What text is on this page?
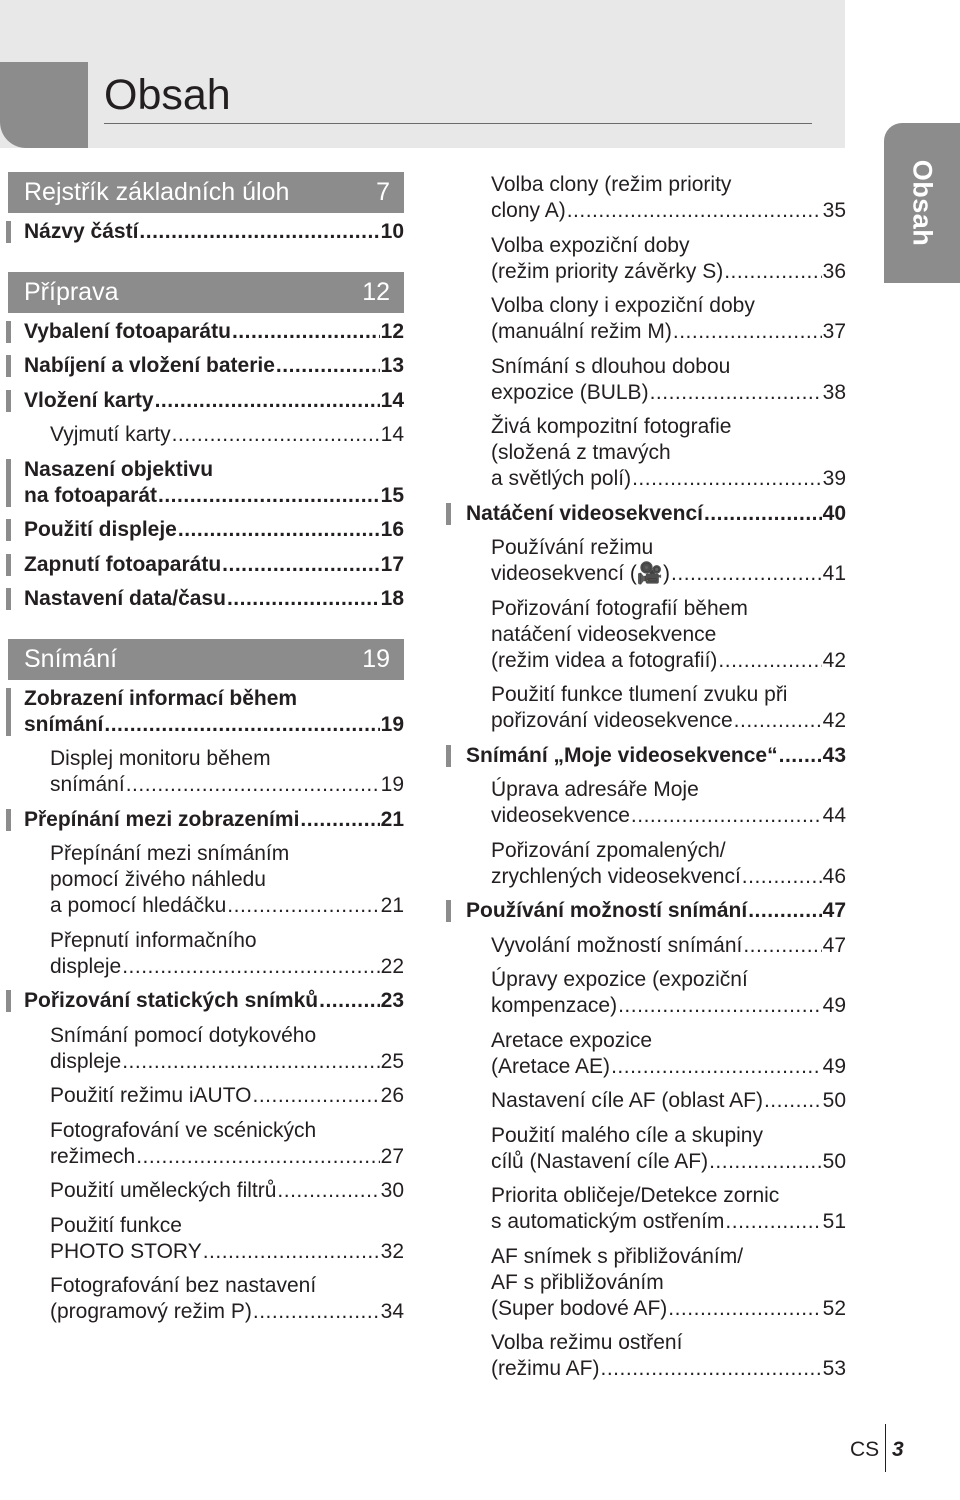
Obsah
Obsah
Rejstřík základních úloh	7
Názvy částí .....	10
Příprava	12
Vybalení fotoaparátu .....	12
Nabíjení a vložení baterie .....	13
Vložení karty .....	14
Vyjmutí karty .....	14
Nasazení objektivu
na fotoaparát .....	15
Použití displeje .....	16
Zapnutí fotoaparátu .....	17
Nastavení data/času .....	18
Snímání	19
Zobrazení informací během
snímání .....	19
Displej monitoru během
snímání .....	19
Přepínání mezi zobrazeními .....	21
Přepínání mezi snímáním
pomocí živého náhledu
a pomocí hledáčku .....	21
Přepnutí informačního
displeje .....	22
Pořizování statických snímků .....	23
Snímání pomocí dotykového
displeje .....	25
Použití režimu iAUTO .....	26
Fotografování ve scénických
režimech .....	27
Použití uměleckých filtrů .....	30
Použití funkce
PHOTO STORY .....	32
Fotografování bez nastavení
(programový režim P) .....	34
Volba clony (režim priority
clony A) .....	35
Volba expoziční doby
(režim priority závěrky S) .....	36
Volba clony i expoziční doby
(manuální režim M) .....	37
Snímání s dlouhou dobou
expozice (BULB) .....	38
Živá kompozitní fotografie
(složená z tmavých
a světlých polí) .....	39
Natáčení videosekvencí .....	40
Používání režimu
videosekvencí (🎥) .....	41
Pořizování fotografií během
natáčení videosekvence
(režim videa a fotografií) .....	42
Použití funkce tlumení zvuku při
pořizování videosekvence .....	42
Snímání „Moje videosekvence“ ..... 43
Úprava adresáře Moje
videosekvence .....	44
Pořizování zpomalených/
zrychlených videosekvencí .....	46
Používání možností snímání .....	47
Vyvolání možností snímání .....	47
Úpravy expozice (expoziční
kompenzace) .....	49
Aretace expozice
(Aretace AE) .....	49
Nastavení cíle AF (oblast AF) .....	50
Použití malého cíle a skupiny
cílů (Nastavení cíle AF) .....	50
Priorita obličeje/Detekce zornic
s automatickým ostřením .....	51
AF snímek s přibližováním/
AF s přibližováním
(Super bodové AF) .....	52
Volba režimu ostření
(režimu AF) .....	53
CS 3
